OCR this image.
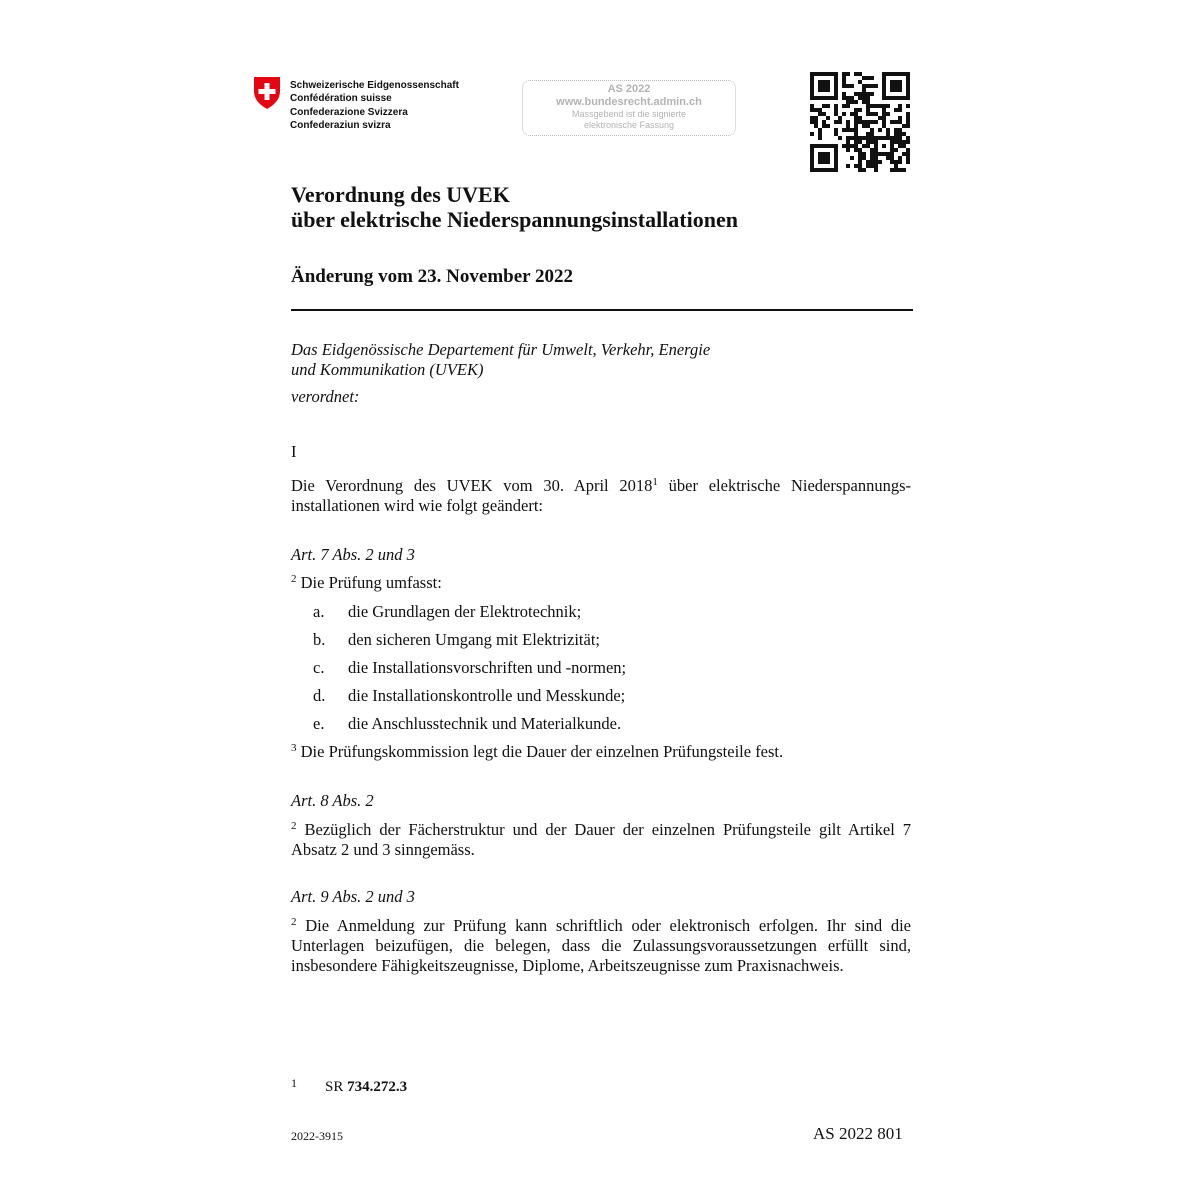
Schweizerische Eidgenossenschaft
Confédération suisse
Confederazione Svizzera
Confederaziun svizra
AS 2022
www.bundesrecht.admin.ch
Massgebend ist die signierte
elektronische Fassung
Verordnung des UVEK
über elektrische Niederspannungsinstallationen
Änderung vom 23. November 2022
Das Eidgenössische Departement für Umwelt, Verkehr, Energie
und Kommunikation (UVEK)
verordnet:
I
Die Verordnung des UVEK vom 30. April 2018$^1$ über elektrische Niederspannungs-installationen wird wie folgt geändert:
Art. 7 Abs. 2 und 3
$^2$ Die Prüfung umfasst:
a. die Grundlagen der Elektrotechnik;
b. den sicheren Umgang mit Elektrizität;
c. die Installationsvorschriften und -normen;
d. die Installationskontrolle und Messkunde;
e. die Anschlusstechnik und Materialkunde.
$^3$ Die Prüfungskommission legt die Dauer der einzelnen Prüfungsteile fest.
Art. 8 Abs. 2
$^2$ Bezüglich der Fächerstruktur und der Dauer der einzelnen Prüfungsteile gilt Artikel 7 Absatz 2 und 3 sinngemäss.
Art. 9 Abs. 2 und 3
$^2$ Die Anmeldung zur Prüfung kann schriftlich oder elektronisch erfolgen. Ihr sind die Unterlagen beizufügen, die belegen, dass die Zulassungsvoraussetzungen erfüllt sind, insbesondere Fähigkeitszeugnisse, Diplome, Arbeitszeugnisse zum Praxisnachweis.
1 SR 734.272.3
2022-3915	AS 2022 801
